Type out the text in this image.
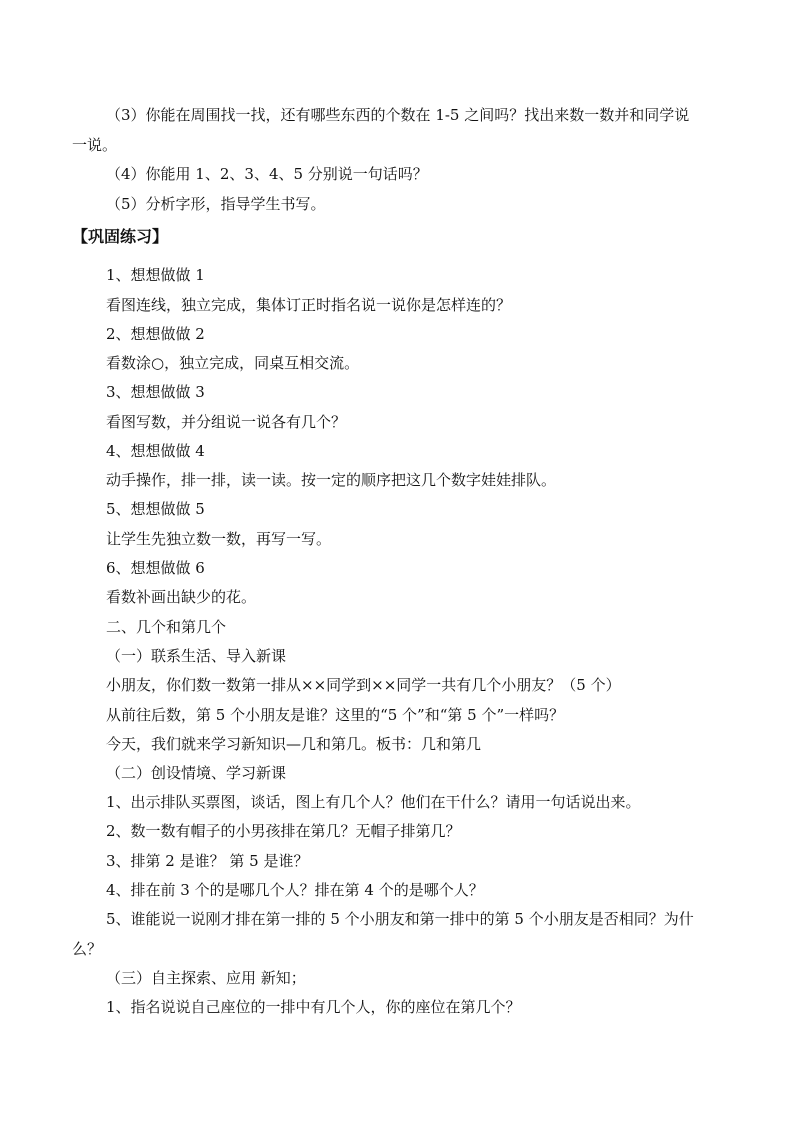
（3）你能在周围找一找，还有哪些东西的个数在 1-5 之间吗？找出来数一数并和同学说
一说。
（4）你能用 1、2、3、4、5 分别说一句话吗？
（5）分析字形，指导学生书写。
【巩固练习】
1、想想做做 1
看图连线，独立完成，集体订正时指名说一说你是怎样连的？
2、想想做做 2
看数涂○，独立完成，同桌互相交流。
3、想想做做 3
看图写数，并分组说一说各有几个？
4、想想做做 4
动手操作，排一排，读一读。按一定的顺序把这几个数字娃娃排队。
5、想想做做 5
让学生先独立数一数，再写一写。
6、想想做做 6
看数补画出缺少的花。
二、几个和第几个
（一）联系生活、导入新课
小朋友，你们数一数第一排从××同学到××同学一共有几个小朋友？（5 个）
从前往后数，第 5 个小朋友是谁？这里的“5 个”和“第 5 个”一样吗？
今天，我们就来学习新知识—几和第几。板书：几和第几
（二）创设情境、学习新课
1、出示排队买票图，谈话，图上有几个人？他们在干什么？请用一句话说出来。
2、数一数有帽子的小男孩排在第几？无帽子排第几？
3、排第 2 是谁？ 第 5 是谁？
4、排在前 3 个的是哪几个人？排在第 4 个的是哪个人？
5、谁能说一说刚才排在第一排的 5 个小朋友和第一排中的第 5 个小朋友是否相同？为什
么？
（三）自主探索、应用 新知；
1、指名说说自己座位的一排中有几个人，你的座位在第几个？
